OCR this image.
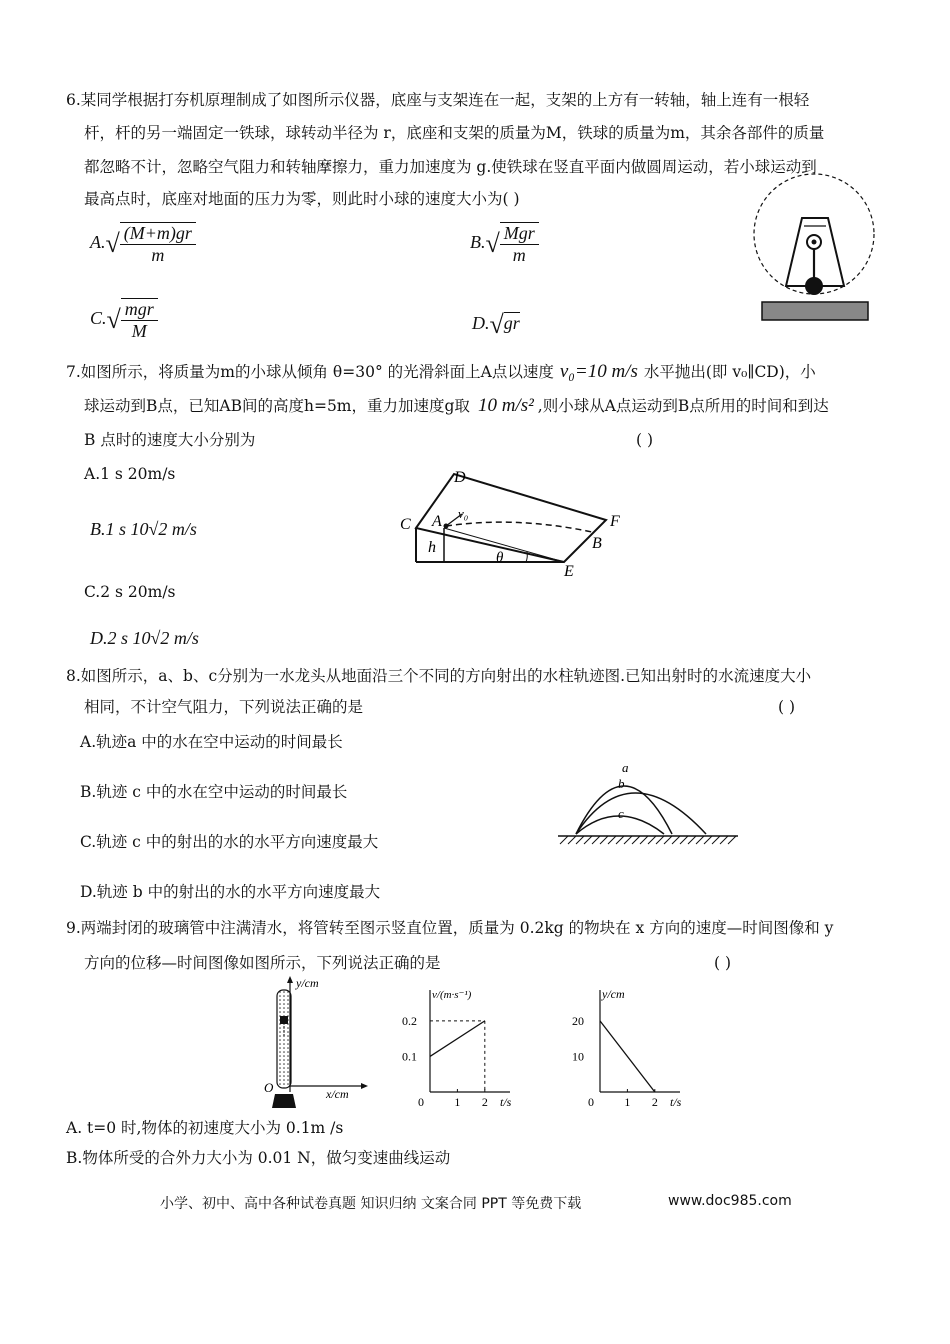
6.某同学根据打夯机原理制成了如图所示仪器，底座与支架连在一起，支架的上方有一转轴，轴上连有一根轻
杆，杆的另一端固定一铁球，球转动半径为 r，底座和支架的质量为M，铁球的质量为m，其余各部件的质量
都忽略不计，忽略空气阻力和转轴摩擦力，重力加速度为 g.使铁球在竖直平面内做圆周运动，若小球运动到
最高点时，底座对地面的压力为零，则此时小球的速度大小为( )
$A.√ \frac{(M+m)gr}{m}$	$B.√ \frac{\text{Mgr}}{m}$
$C.√ \frac{\text{mgr}}{M}$	D.√gr
7.如图所示，将质量为m的小球从倾角 θ=30° 的光滑斜面上A点以速度 v₀=10 m/s 水平抛出(即 v₀∥CD)，小
球运动到B点，已知AB间的高度h=5m，重力加速度g取 10 m/s² ,则小球从A点运动到B点所用的时间和到达
B 点时的速度大小分别为	( )
A.1 s 20m/s
B.1 s 10√2 m/s
C.2 s 20m/s
D.2 s 10√2 m/s
C
D
A v₀	F
B
h
θ
E
8.如图所示，a、b、c分别为一水龙头从地面沿三个不同的方向射出的水柱轨迹图.已知出射时的水流速度大小
相同，不计空气阻力，下列说法正确的是	( )
A.轨迹a 中的水在空中运动的时间最长
B.轨迹 c 中的水在空中运动的时间最长
C.轨迹 c 中的射出的水的水平方向速度最大
D.轨迹 b 中的射出的水的水平方向速度最大
a
b
c
9.两端封闭的玻璃管中注满清水，将管转至图示竖直位置，质量为 0.2kg 的物块在 x 方向的速度—时间图像和 y
方向的位移—时间图像如图所示，下列说法正确的是	( )
y/cm
x/cm
O
v/(m·s⁻¹)
t/s
0	1 2
0.1
0.2
y/cm
t/s
0	1 2
10
20
A. t=0 时,物体的初速度大小为 0.1m /s
B.物体所受的合外力大小为 0.01 N，做匀变速曲线运动
小学、初中、高中各种试卷真题 知识归纳 文案合同 PPT 等免费下载	www.doc985.com
